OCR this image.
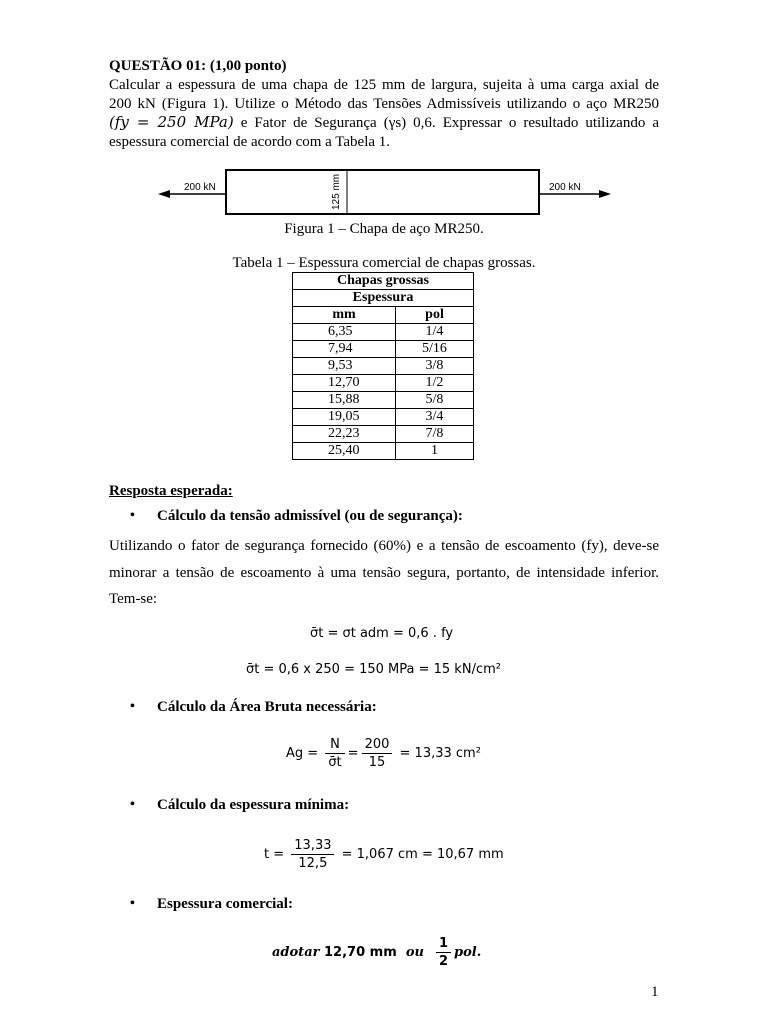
QUESTÃO 01: (1,00 ponto)
Calcular a espessura de uma chapa de 125 mm de largura, sujeita à uma carga axial de
200 kN (Figura 1). Utilize o Método das Tensões Admissíveis utilizando o aço MR250
(fy = 250 MPa) e Fator de Segurança (γs) 0,6. Expressar o resultado utilizando a
espessura comercial de acordo com a Tabela 1.
200 kN	200 kN
125 mm
Figura 1 – Chapa de aço MR250.
Tabela 1 – Espessura comercial de chapas grossas.
Chapas grossas	
Espessura	
mm	pol
6,35	1/4
7,94	5/16
9,53	3/8
12,70	1/2
15,88	5/8
19,05	3/4
22,23	7/8
25,40	1
Resposta esperada:
• Cálculo da tensão admissível (ou de segurança):
Utilizando o fator de segurança fornecido (60%) e a tensão de escoamento (fy), deve-se
minorar a tensão de escoamento à uma tensão segura, portanto, de intensidade inferior.
Tem-se:
σ̄t = σt adm = 0,6 . fy
σ̄t = 0,6 x 250 = 150 MPa = 15 kN/cm²
• Cálculo da Área Bruta necessária:
$Ag = \frac{N}{\sigmāt} = \frac{200}{15} = 13,33$ cm²
• Cálculo da espessura mínima:
$t = \frac{13,33}{12,5} = 1,067$ cm = 10,67 mm
• Espessura comercial:
adotar 12,70 mm ou $\frac{1}{2}$ pol.
1
